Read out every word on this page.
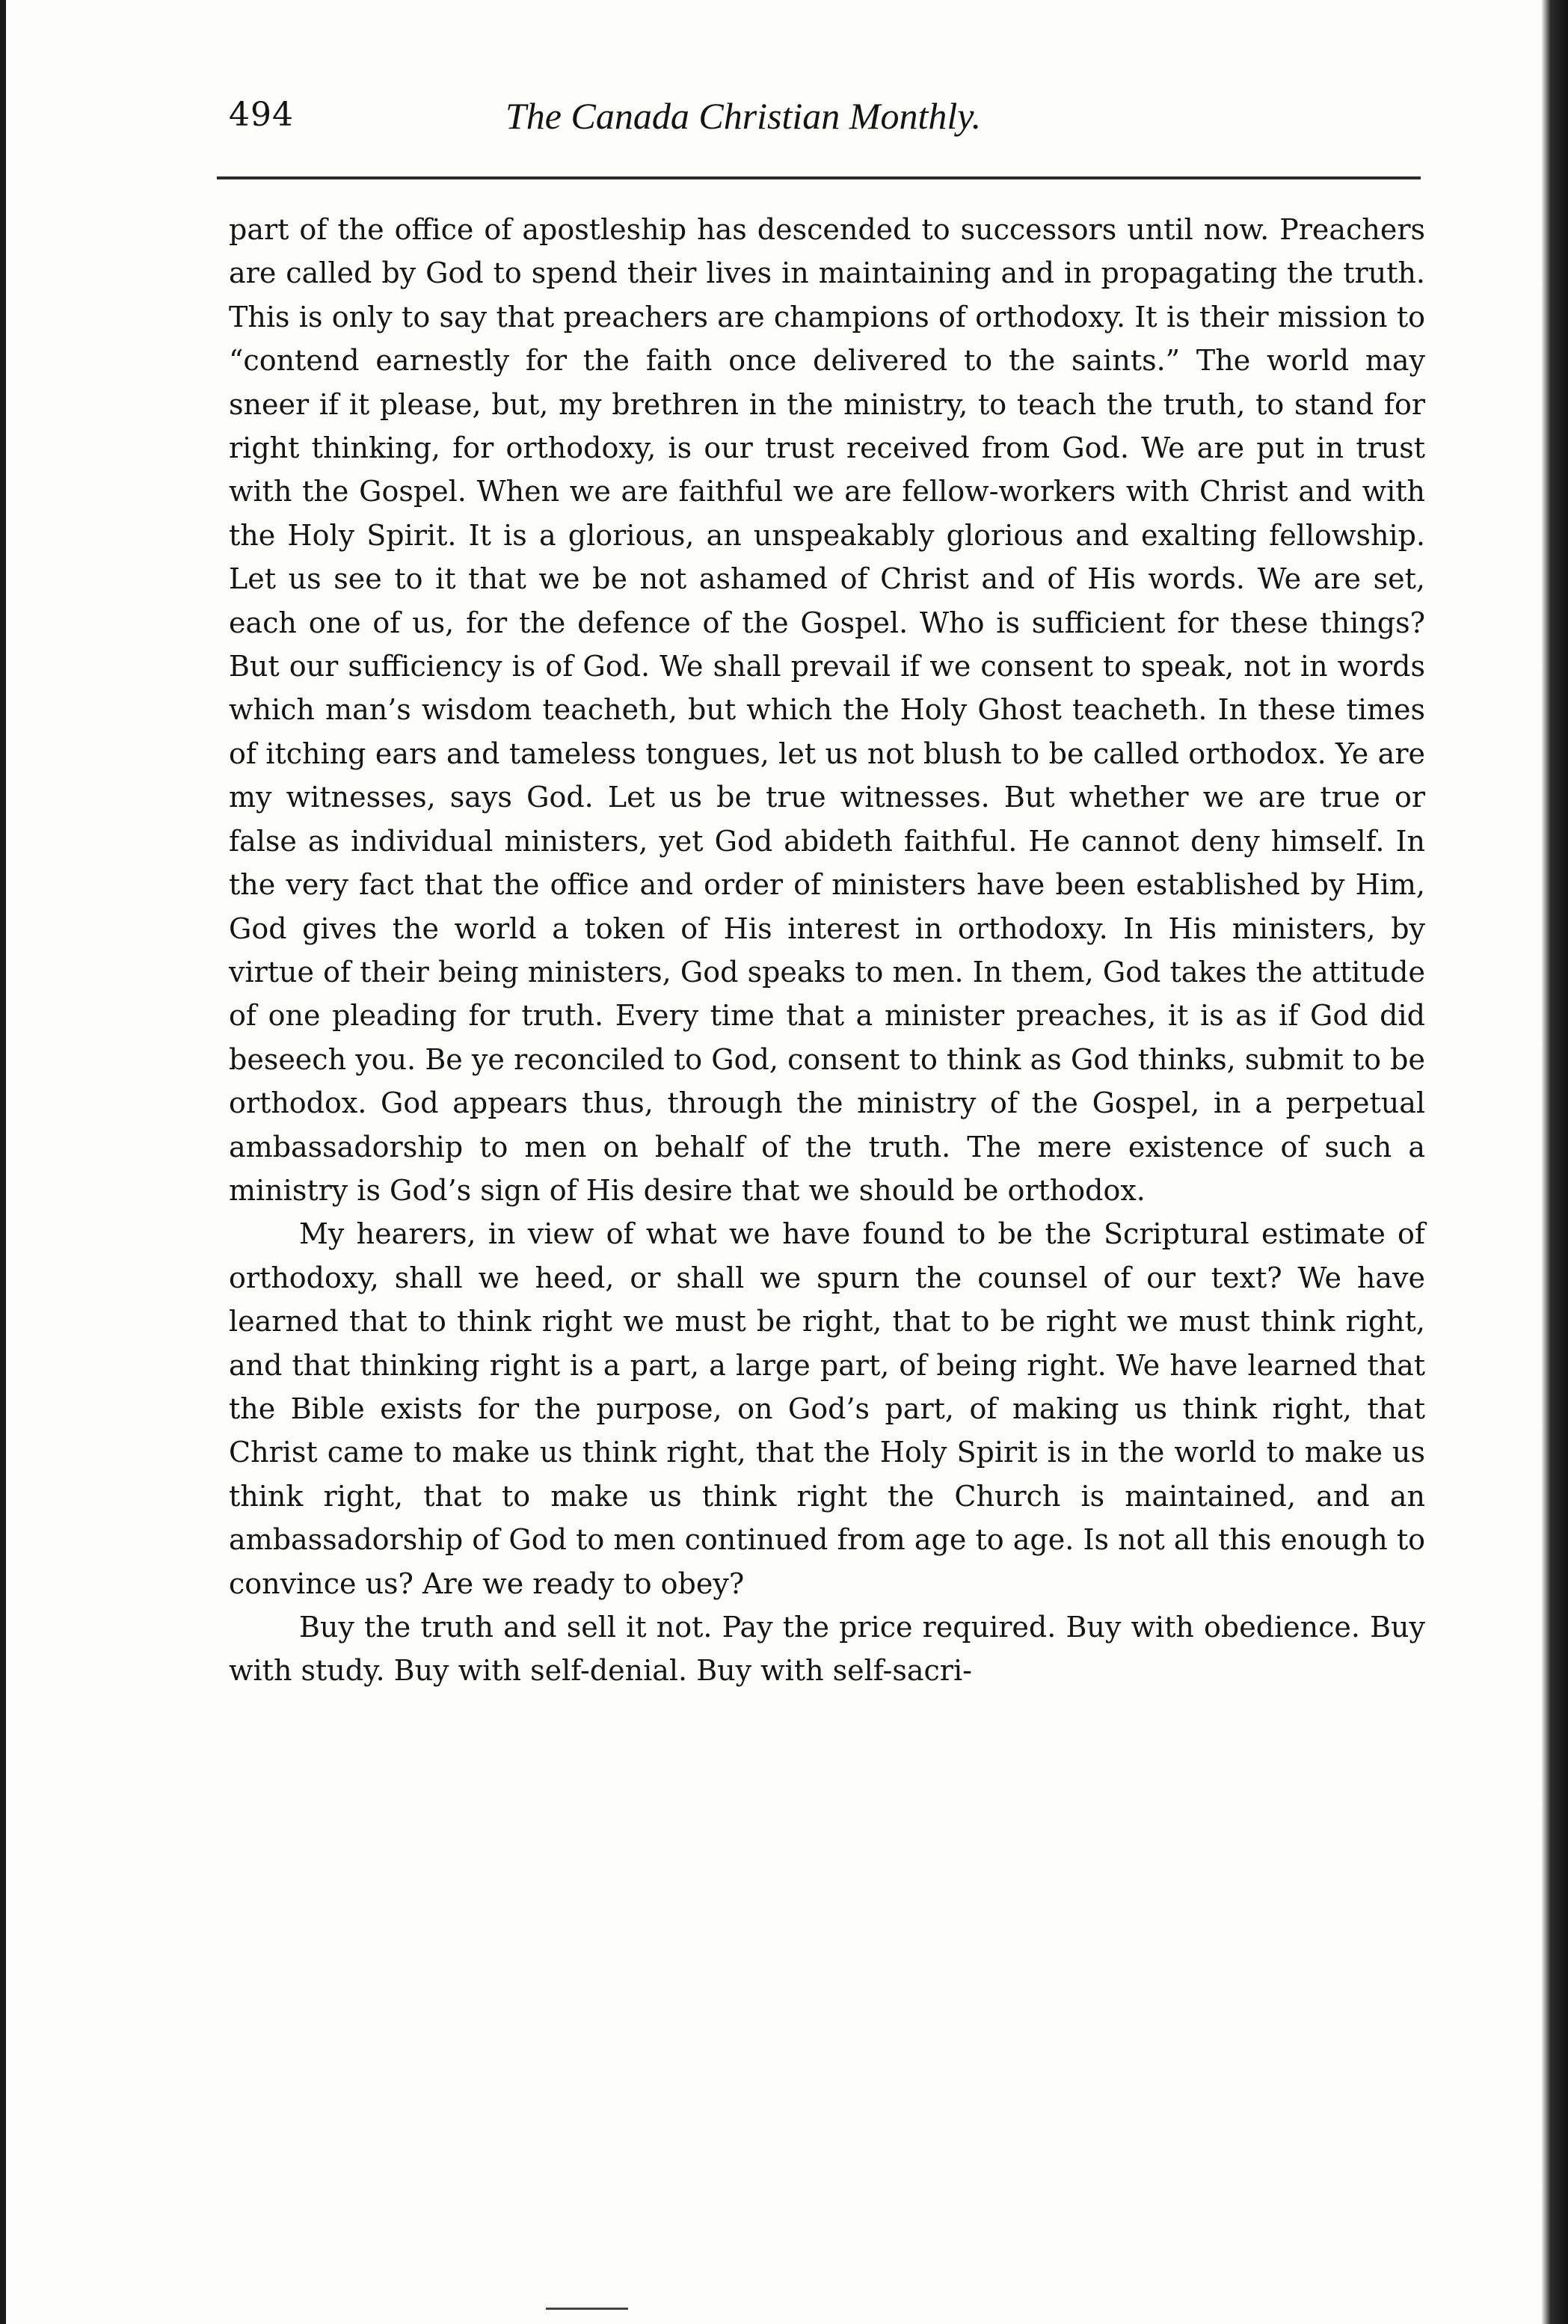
494	The Canada Christian Monthly.

part of the office of apostleship has descended to successors until now. Preachers are called by God to spend their lives in maintaining and in propagating the truth. This is only to say that preachers are champions of orthodoxy. It is their mission to “contend earnestly for the faith once delivered to the saints.” The world may sneer if it please, but, my brethren in the ministry, to teach the truth, to stand for right thinking, for orthodoxy, is our trust received from God. We are put in trust with the Gospel. When we are faithful we are fellow-workers with Christ and with the Holy Spirit. It is a glorious, an unspeakably glorious and exalting fellowship. Let us see to it that we be not ashamed of Christ and of His words. We are set, each one of us, for the defence of the Gospel. Who is sufficient for these things? But our sufficiency is of God. We shall prevail if we consent to speak, not in words which man’s wisdom teacheth, but which the Holy Ghost teacheth. In these times of itching ears and tameless tongues, let us not blush to be called orthodox. Ye are my witnesses, says God. Let us be true witnesses. But whether we are true or false as individual ministers, yet God abideth faithful. He cannot deny himself. In the very fact that the office and order of ministers have been established by Him, God gives the world a token of His interest in orthodoxy. In His ministers, by virtue of their being ministers, God speaks to men. In them, God takes the attitude of one pleading for truth. Every time that a minister preaches, it is as if God did beseech you. Be ye reconciled to God, consent to think as God thinks, submit to be orthodox. God appears thus, through the ministry of the Gospel, in a perpetual ambassadorship to men on behalf of the truth. The mere existence of such a ministry is God’s sign of His desire that we should be orthodox.

My hearers, in view of what we have found to be the Scriptural estimate of orthodoxy, shall we heed, or shall we spurn the counsel of our text? We have learned that to think right we must be right, that to be right we must think right, and that thinking right is a part, a large part, of being right. We have learned that the Bible exists for the purpose, on God’s part, of making us think right, that Christ came to make us think right, that the Holy Spirit is in the world to make us think right, that to make us think right the Church is maintained, and an ambassadorship of God to men continued from age to age. Is not all this enough to convince us? Are we ready to obey?

Buy the truth and sell it not. Pay the price required. Buy with obedience. Buy with study. Buy with self-denial. Buy with self-sacri-
